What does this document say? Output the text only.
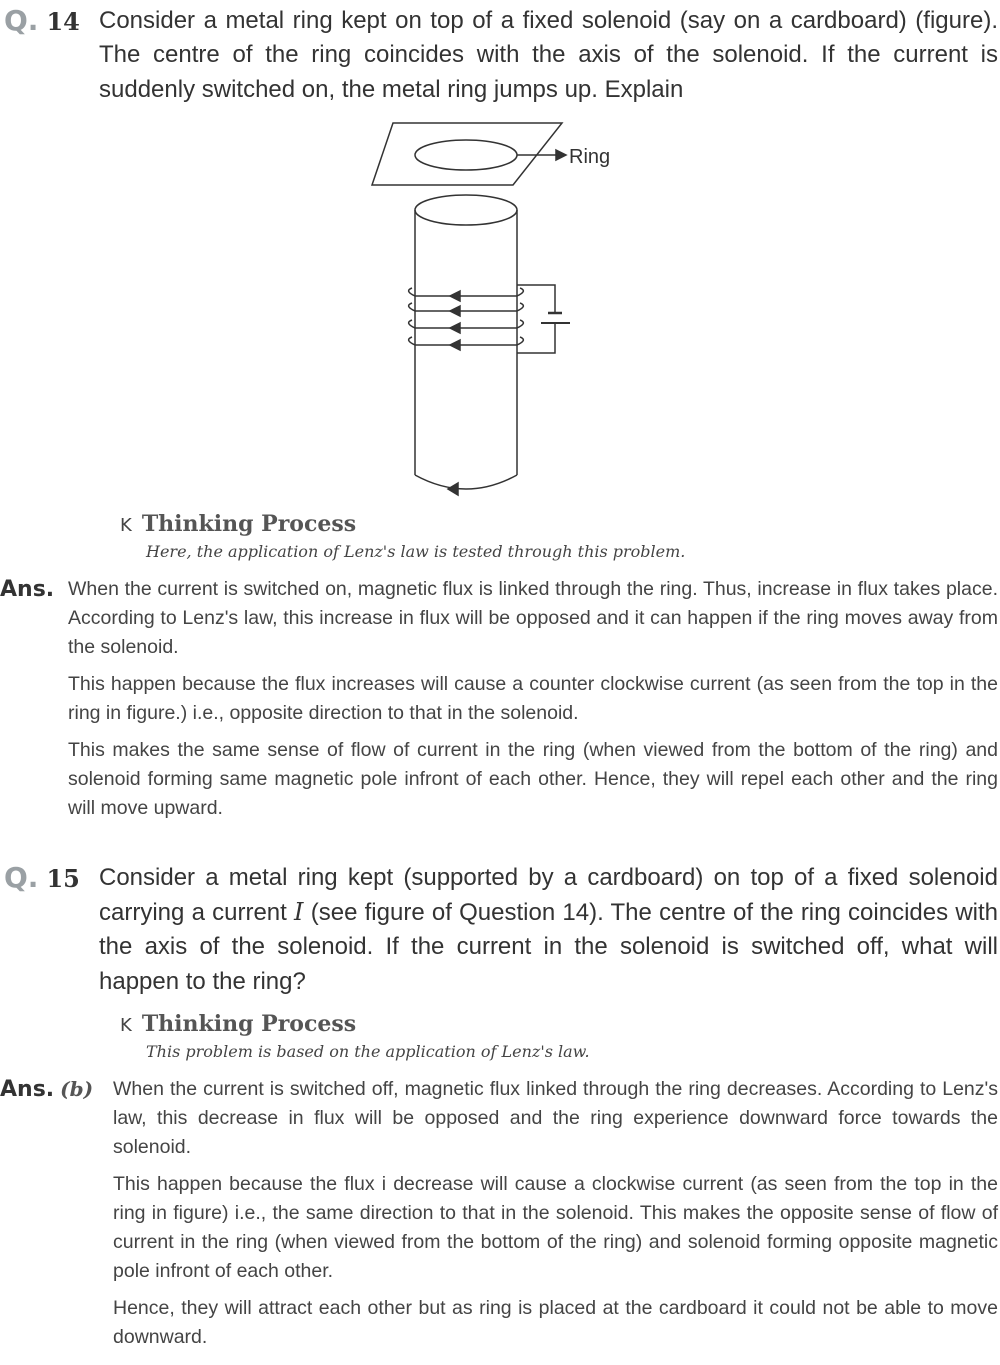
Q. 14 Consider a metal ring kept on top of a fixed solenoid (say on a cardboard) (figure). The centre of the ring coincides with the axis of the solenoid. If the current is suddenly switched on, the metal ring jumps up. Explain

Ring
K Thinking Process
Here, the application of Lenz's law is tested through this problem.
Ans. When the current is switched on, magnetic flux is linked through the ring. Thus, increase in flux takes place. According to Lenz's law, this increase in flux will be opposed and it can happen if the ring moves away from the solenoid.

This happen because the flux increases will cause a counter clockwise current (as seen from the top in the ring in figure.) i.e., opposite direction to that in the solenoid.

This makes the same sense of flow of current in the ring (when viewed from the bottom of the ring) and solenoid forming same magnetic pole infront of each other. Hence, they will repel each other and the ring will move upward.

Q. 15 Consider a metal ring kept (supported by a cardboard) on top of a fixed solenoid carrying a current I (see figure of Question 14). The centre of the ring coincides with the axis of the solenoid. If the current in the solenoid is switched off, what will happen to the ring?

K Thinking Process
This problem is based on the application of Lenz's law.
Ans. (b) When the current is switched off, magnetic flux linked through the ring decreases. According to Lenz's law, this decrease in flux will be opposed and the ring experience downward force towards the solenoid.

This happen because the flux i decrease will cause a clockwise current (as seen from the top in the ring in figure) i.e., the same direction to that in the solenoid. This makes the opposite sense of flow of current in the ring (when viewed from the bottom of the ring) and solenoid forming opposite magnetic pole infront of each other.

Hence, they will attract each other but as ring is placed at the cardboard it could not be able to move downward.
